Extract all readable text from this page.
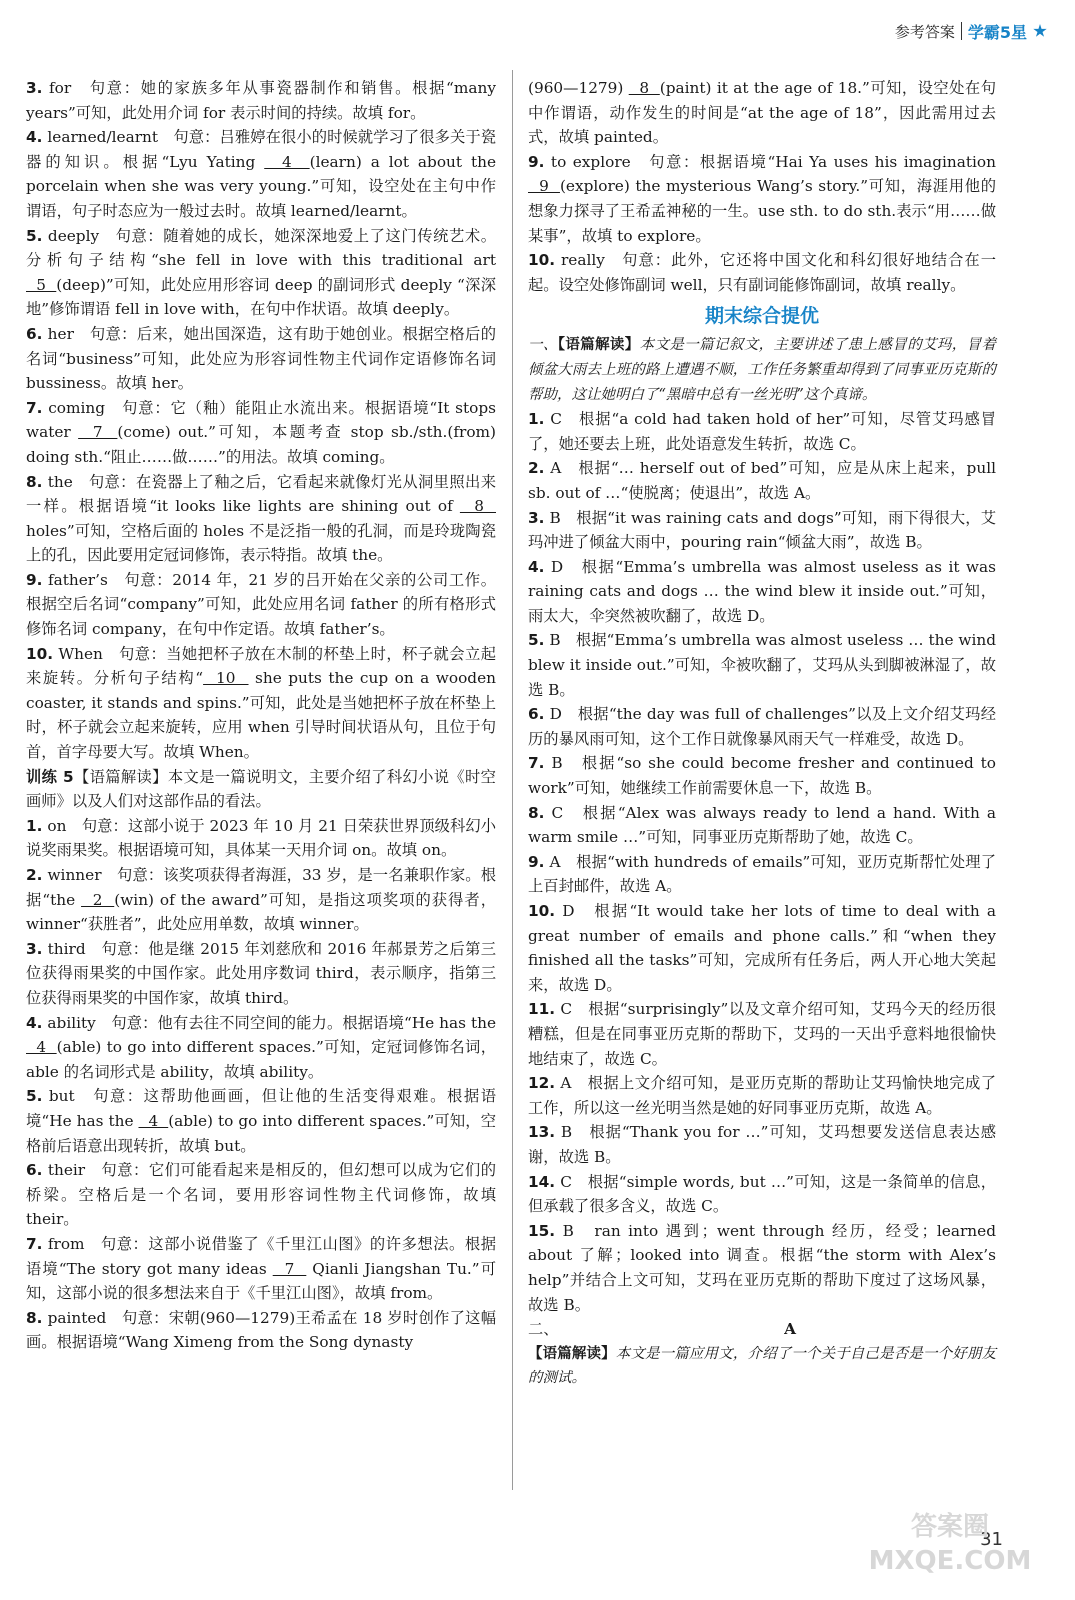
参考答案 学霸5星

3. for　句意：她的家族多年从事瓷器制作和销售。根据“many years”可知，此处用介词 for 表示时间的持续。故填 for。

4. learned/learnt　句意：吕雅婷在很小的时候就学习了很多关于瓷器的知识。根据“Lyu Yating   4  (learn) a lot about the porcelain when she was very young.”可知，设空处在主句中作谓语，句子时态应为一般过去时。故填 learned/learnt。

5. deeply　句意：随着她的成长，她深深地爱上了这门传统艺术。分析句子结构“she fell in love with this traditional art   5  (deep)”可知，此处应用形容词 deep 的副词形式 deeply “深深地”修饰谓语 fell in love with，在句中作状语。故填 deeply。

6. her　句意：后来，她出国深造，这有助于她创业。根据空格后的名词“business”可知，此处应为形容词性物主代词作定语修饰名词 bussiness。故填 her。

7. coming　句意：它（釉）能阻止水流出来。根据语境“It stops water   7  (come) out.”可知，本题考查 stop sb./sth.(from) doing sth.“阻止……做……”的用法。故填 coming。

8. the　句意：在瓷器上了釉之后，它看起来就像灯光从洞里照出来一样。根据语境“it looks like lights are shining out of   8   holes”可知，空格后面的 holes 不是泛指一般的孔洞，而是玲珑陶瓷上的孔，因此要用定冠词修饰，表示特指。故填 the。

9. father’s　句意：2014 年，21 岁的吕开始在父亲的公司工作。根据空后名词“company”可知，此处应用名词 father 的所有格形式修饰名词 company，在句中作定语。故填 father’s。

10. When　句意：当她把杯子放在木制的杯垫上时，杯子就会立起来旋转。分析句子结构“  10   she puts the cup on a wooden coaster, it stands and spins.”可知，此处是当她把杯子放在杯垫上时，杯子就会立起来旋转，应用 when 引导时间状语从句，且位于句首，首字母要大写。故填 When。

训练 5【语篇解读】本文是一篇说明文，主要介绍了科幻小说《时空画师》以及人们对这部作品的看法。

1. on　句意：这部小说于 2023 年 10 月 21 日荣获世界顶级科幻小说奖雨果奖。根据语境可知，具体某一天用介词 on。故填 on。

2. winner　句意：该奖项获得者海涯，33 岁，是一名兼职作家。根据“the   2  (win) of the award”可知，是指这项奖项的获得者，winner“获胜者”，此处应用单数，故填 winner。

3. third　句意：他是继 2015 年刘慈欣和 2016 年郝景芳之后第三位获得雨果奖的中国作家。此处用序数词 third，表示顺序，指第三位获得雨果奖的中国作家，故填 third。

4. ability　句意：他有去往不同空间的能力。根据语境“He has the   4  (able) to go into different spaces.”可知，定冠词修饰名词，able 的名词形式是 ability，故填 ability。

5. but　句意：这帮助他画画，但让他的生活变得艰难。根据语境“He has the   4  (able) to go into different spaces.”可知，空格前后语意出现转折，故填 but。

6. their　句意：它们可能看起来是相反的，但幻想可以成为它们的桥梁。空格后是一个名词，要用形容词性物主代词修饰，故填 their。

7. from　句意：这部小说借鉴了《千里江山图》的许多想法。根据语境“The story got many ideas   7   Qianli Jiangshan Tu.”可知，这部小说的很多想法来自于《千里江山图》，故填 from。

8. painted　句意：宋朝(960—1279)王希孟在 18 岁时创作了这幅画。根据语境“Wang Ximeng from the Song dynasty

(960—1279)   8  (paint) it at the age of 18.”可知，设空处在句中作谓语，动作发生的时间是“at the age of 18”，因此需用过去式，故填 painted。

9. to explore　句意：根据语境“Hai Ya uses his imagination   9  (explore) the mysterious Wang’s story.”可知，海涯用他的想象力探寻了王希孟神秘的一生。use sth. to do sth.表示“用……做某事”，故填 to explore。

10. really　句意：此外，它还将中国文化和科幻很好地结合在一起。设空处修饰副词 well，只有副词能修饰副词，故填 really。

期末综合提优

一、【语篇解读】本文是一篇记叙文，主要讲述了患上感冒的艾玛，冒着倾盆大雨去上班的路上遭遇不顺，工作任务繁重却得到了同事亚历克斯的帮助，这让她明白了“黑暗中总有一丝光明”这个真谛。

1. C　根据“a cold had taken hold of her”可知，尽管艾玛感冒了，她还要去上班，此处语意发生转折，故选 C。

2. A　根据“… herself out of bed”可知，应是从床上起来，pull sb. out of …“使脱离；使退出”，故选 A。

3. B　根据“it was raining cats and dogs”可知，雨下得很大，艾玛冲进了倾盆大雨中，pouring rain“倾盆大雨”，故选 B。

4. D　根据“Emma’s umbrella was almost useless as it was raining cats and dogs … the wind blew it inside out.”可知，雨太大，伞突然被吹翻了，故选 D。

5. B　根据“Emma’s umbrella was almost useless … the wind blew it inside out.”可知，伞被吹翻了，艾玛从头到脚被淋湿了，故选 B。

6. D　根据“the day was full of challenges”以及上文介绍艾玛经历的暴风雨可知，这个工作日就像暴风雨天气一样难受，故选 D。

7. B　根据“so she could become fresher and continued to work”可知，她继续工作前需要休息一下，故选 B。

8. C　根据“Alex was always ready to lend a hand. With a warm smile …”可知，同事亚历克斯帮助了她，故选 C。

9. A　根据“with hundreds of emails”可知，亚历克斯帮忙处理了上百封邮件，故选 A。

10. D　根据“It would take her lots of time to deal with a great number of emails and phone calls.”和“when they finished all the tasks”可知，完成所有任务后，两人开心地大笑起来，故选 D。

11. C　根据“surprisingly”以及文章介绍可知，艾玛今天的经历很糟糕，但是在同事亚历克斯的帮助下，艾玛的一天出乎意料地很愉快地结束了，故选 C。

12. A　根据上文介绍可知，是亚历克斯的帮助让艾玛愉快地完成了工作，所以这一丝光明当然是她的好同事亚历克斯，故选 A。

13. B　根据“Thank you for …”可知，艾玛想要发送信息表达感谢，故选 B。

14. C　根据“simple words, but …”可知，这是一条简单的信息，但承载了很多含义，故选 C。

15. B　ran into 遇到；went through 经历，经受；learned about 了解；looked into 调查。根据“the storm with Alex’s help”并结合上文可知，艾玛在亚历克斯的帮助下度过了这场风暴，故选 B。

二、	A

【语篇解读】本文是一篇应用文，介绍了一个关于自己是否是一个好朋友的测试。

31
答案圈
MXQE.COM
